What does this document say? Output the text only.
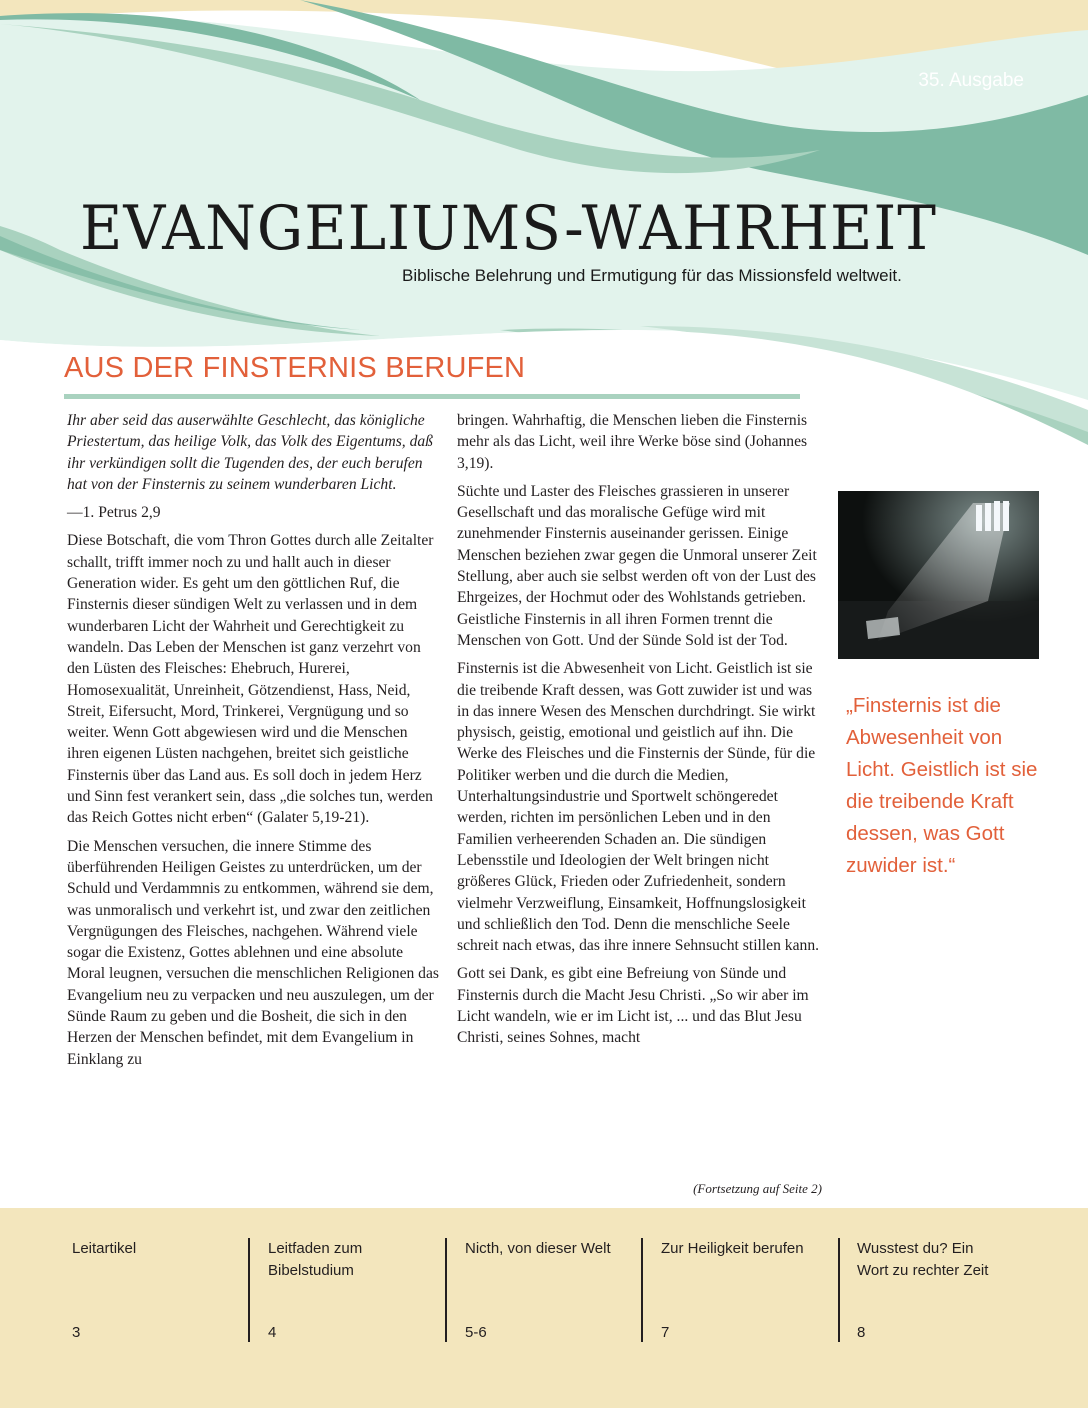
35. Ausgabe
EVANGELIUMS-WAHRHEIT
Biblische Belehrung und Ermutigung für das Missionsfeld weltweit.
AUS DER FINSTERNIS BERUFEN

Ihr aber seid das auserwählte Geschlecht, das königliche Priestertum, das heilige Volk, das Volk des Eigentums, daß ihr verkündigen sollt die Tugenden des, der euch berufen hat von der Finsternis zu seinem wunderbaren Licht.

—1. Petrus 2,9

Diese Botschaft, die vom Thron Gottes durch alle Zeitalter schallt, trifft immer noch zu und hallt auch in dieser Generation wider. Es geht um den göttlichen Ruf, die Finsternis dieser sündigen Welt zu verlassen und in dem wunderbaren Licht der Wahrheit und Gerechtigkeit zu wandeln. Das Leben der Menschen ist ganz verzehrt von den Lüsten des Fleisches: Ehebruch, Hurerei, Homosexualität, Unreinheit, Götzendienst, Hass, Neid, Streit, Eifersucht, Mord, Trinkerei, Vergnügung und so weiter. Wenn Gott abgewiesen wird und die Menschen ihren eigenen Lüsten nachgehen, breitet sich geistliche Finsternis über das Land aus. Es soll doch in jedem Herz und Sinn fest verankert sein, dass „die solches tun, werden das Reich Gottes nicht erben“ (Galater 5,19-21).

Die Menschen versuchen, die innere Stimme des überführenden Heiligen Geistes zu unterdrücken, um der Schuld und Verdammnis zu entkommen, während sie dem, was unmoralisch und verkehrt ist, und zwar den zeitlichen Vergnügungen des Fleisches, nachgehen. Während viele sogar die Existenz, Gottes ablehnen und eine absolute Moral leugnen, versuchen die menschlichen Religionen das Evangelium neu zu verpacken und neu auszulegen, um der Sünde Raum zu geben und die Bosheit, die sich in den Herzen der Menschen befindet, mit dem Evangelium in Einklang zu

bringen. Wahrhaftig, die Menschen lieben die Finsternis mehr als das Licht, weil ihre Werke böse sind (Johannes 3,19).

Süchte und Laster des Fleisches grassieren in unserer Gesellschaft und das moralische Gefüge wird mit zunehmender Finsternis auseinander gerissen. Einige Menschen beziehen zwar gegen die Unmoral unserer Zeit Stellung, aber auch sie selbst werden oft von der Lust des Ehrgeizes, der Hochmut oder des Wohlstands getrieben. Geistliche Finsternis in all ihren Formen trennt die Menschen von Gott. Und der Sünde Sold ist der Tod.

Finsternis ist die Abwesenheit von Licht. Geistlich ist sie die treibende Kraft dessen, was Gott zuwider ist und was in das innere Wesen des Menschen durchdringt. Sie wirkt physisch, geistig, emotional und geistlich auf ihn. Die Werke des Fleisches und die Finsternis der Sünde, für die Politiker werben und die durch die Medien, Unterhaltungsindustrie und Sportwelt schöngeredet werden, richten im persönlichen Leben und in den Familien verheerenden Schaden an. Die sündigen Lebensstile und Ideologien der Welt bringen nicht größeres Glück, Frieden oder Zufriedenheit, sondern vielmehr Verzweiflung, Einsamkeit, Hoffnungslosigkeit und schließlich den Tod. Denn die menschliche Seele schreit nach etwas, das ihre innere Sehnsucht stillen kann.

Gott sei Dank, es gibt eine Befreiung von Sünde und Finsternis durch die Macht Jesu Christi. „So wir aber im Licht wandeln, wie er im Licht ist, ... und das Blut Jesu Christi, seines Sohnes, macht

(Fortsetzung auf Seite 2)
„Finsternis ist die Abwesenheit von Licht. Geistlich ist sie die treibende Kraft dessen, was Gott zuwider ist.“
Leitartikel
3
Leitfaden zum Bibelstudium
4
Nicth, von dieser Welt
5-6
Zur Heiligkeit berufen
7
Wusstest du? Ein Wort zu rechter Zeit
8
